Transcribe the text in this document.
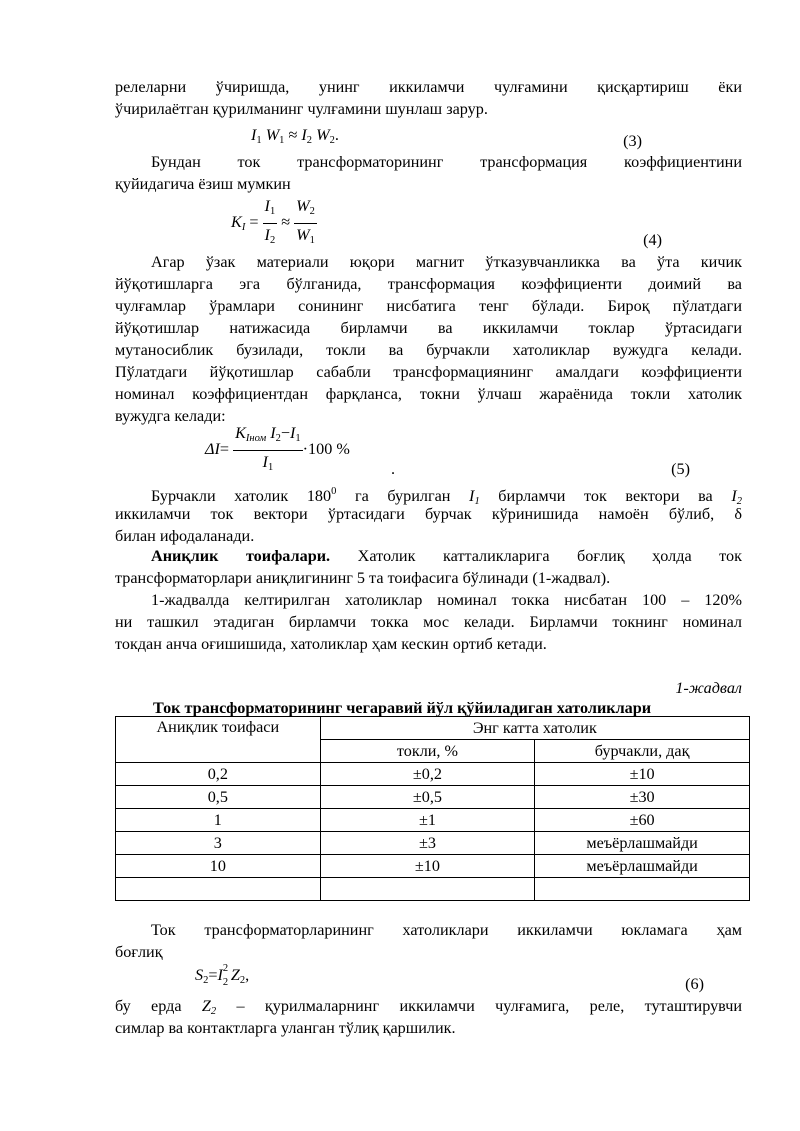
релеларни ўчиришда, унинг иккиламчи чулғамини қисқартириш ёки
ўчирилаётган қурилманинг чулғамини шунлаш зарур.
$I_1$ $W_1 \approx I_2$ $W_2$.	(3)
Бундан ток трансформаторининг трансформация коэффициентини
қуйидагича ёзиш мумкин
$K_I = \frac{I_1}{I_2} \approx \frac{W_2}{W_1}$	(4)
Агар ўзак материали юқори магнит ўтказувчанликка ва ўта кичик
йўқотишларга эга бўлганида, трансформация коэффициенти доимий ва
чулғамлар ўрамлари сонининг нисбатига тенг бўлади. Бироқ пўлатдаги
йўқотишлар натижасида бирламчи ва иккиламчи токлар ўртасидаги
мутаносиблик бузилади, токли ва бурчакли хатоликлар вужудга келади.
Пўлатдаги йўқотишлар сабабли трансформациянинг амалдаги коэффициенти
номинал коэффициентдан фарқланса, токни ўлчаш жараёнида токли хатолик
вужудга келади:
$\Delta I= \frac{K_{Iном} I_2-I_1}{I_1} \cdot 100$ %
.	(5)
Бурчакли хатолик $180^0$ га бурилган $I_1$ бирламчи ток вектори ва $I_2$
иккиламчи ток вектори ўртасидаги бурчак кўринишида намоён бўлиб, δ
билан ифодаланади.
Аниқлик тоифалари. Хатолик катталикларига боғлиқ ҳолда ток
трансформаторлари аниқлигининг 5 та тоифасига бўлинади (1-жадвал).
1-жадвалда келтирилган хатоликлар номинал токка нисбатан 100 – 120%
ни ташкил этадиган бирламчи токка мос келади. Бирламчи токнинг номинал
токдан анча оғишишида, хатоликлар ҳам кескин ортиб кетади.
1-жадвал
Ток трансформаторининг чегаравий йўл қўйиладиган хатоликлари
Аниқлик тоифаси	Энг катта хатолик	
	токли, %	бурчакли, дақ
0,2	±0,2	±10
0,5	±0,5	±30
1	±1	±60
3	±3	меъёрлашмайди
10	±10	меъёрлашмайди

Ток трансформаторларининг хатоликлари иккиламчи юкламага ҳам
боғлиқ
$S_2=I$ 2
2 $Z_2$,	(6)
бу ерда $Z_2$ – қурилмаларнинг иккиламчи чулғамига, реле, туташтирувчи
симлар ва контактларга уланган тўлиқ қаршилик.
